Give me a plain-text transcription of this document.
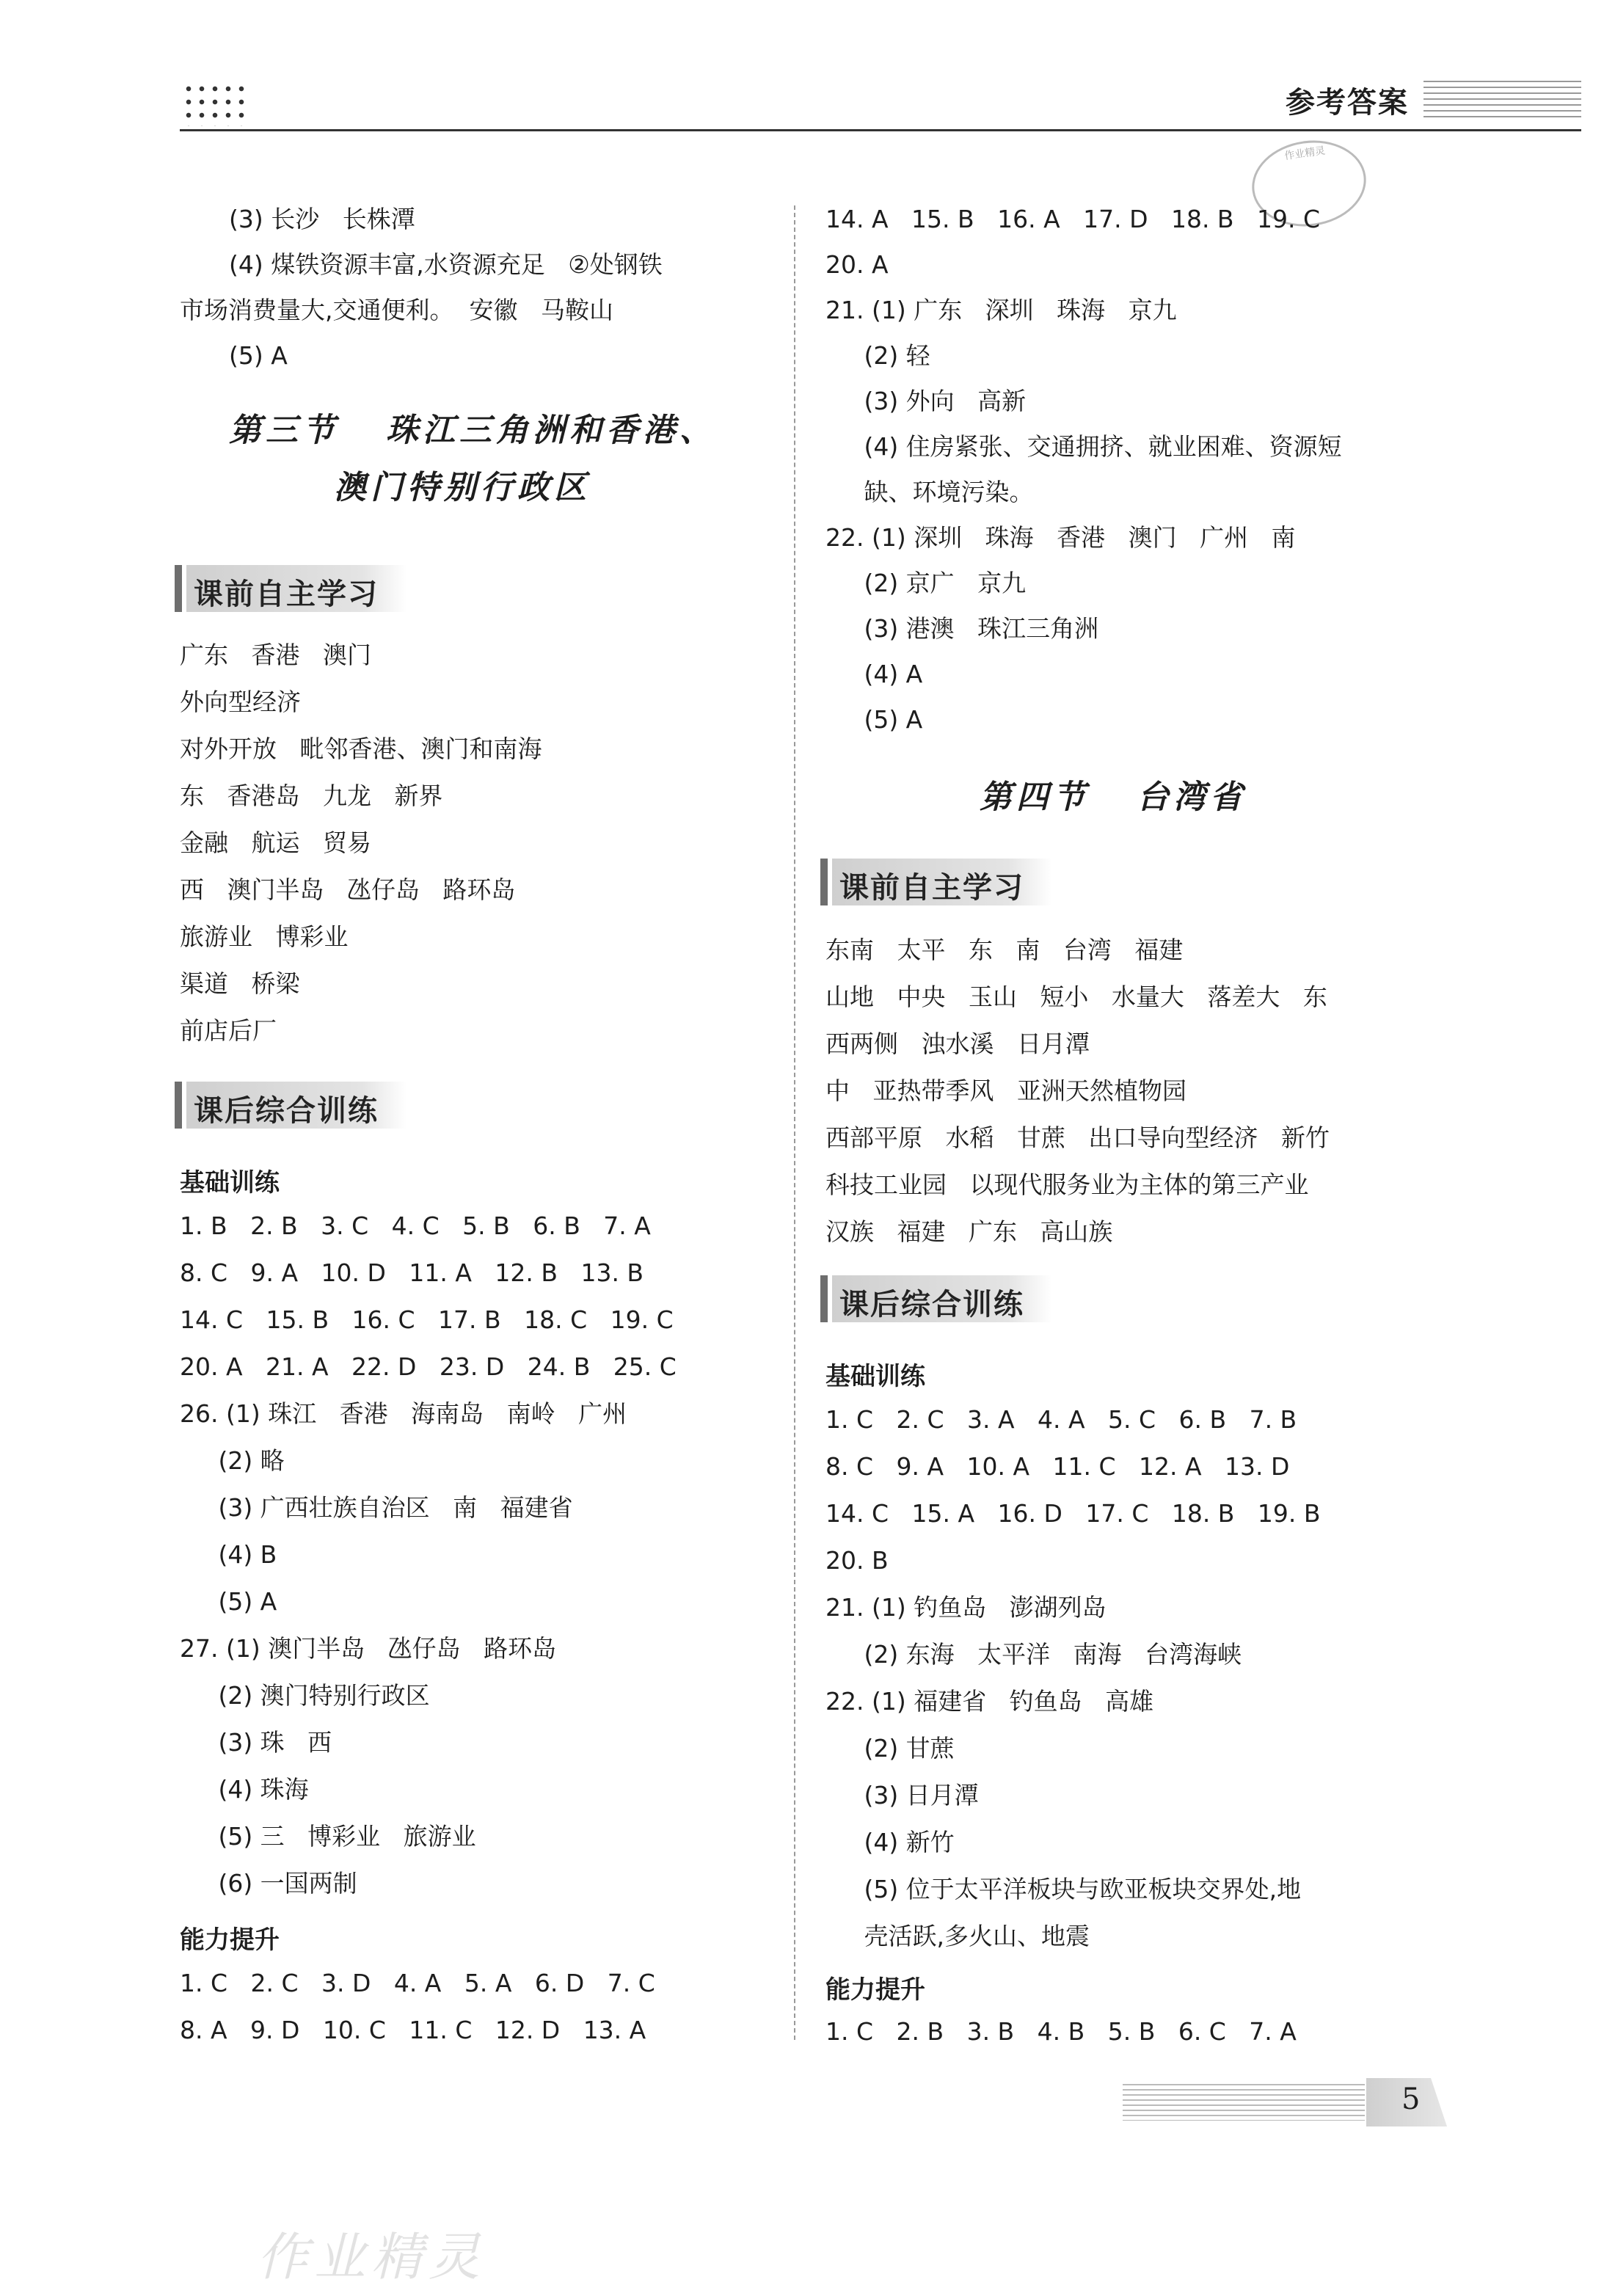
参考答案
作业精灵
(3) 长沙   长株潭
(4) 煤铁资源丰富,水资源充足   ②处钢铁
市场消费量大,交通便利。  安徽   马鞍山
(5) A
第三节   珠江三角洲和香港、
澳门特别行政区
课前自主学习
广东   香港   澳门
外向型经济
对外开放   毗邻香港、澳门和南海
东   香港岛   九龙   新界
金融   航运   贸易
西   澳门半岛   氹仔岛   路环岛
旅游业   博彩业
渠道   桥梁
前店后厂
课后综合训练
基础训练
1. B   2. B   3. C   4. C   5. B   6. B   7. A
8. C   9. A   10. D   11. A   12. B   13. B
14. C   15. B   16. C   17. B   18. C   19. C
20. A   21. A   22. D   23. D   24. B   25. C
26. (1) 珠江   香港   海南岛   南岭   广州
(2) 略
(3) 广西壮族自治区   南   福建省
(4) B
(5) A
27. (1) 澳门半岛   氹仔岛   路环岛
(2) 澳门特别行政区
(3) 珠   西
(4) 珠海
(5) 三   博彩业   旅游业
(6) 一国两制
能力提升
1. C   2. C   3. D   4. A   5. A   6. D   7. C
8. A   9. D   10. C   11. C   12. D   13. A
14. A   15. B   16. A   17. D   18. B   19. C
20. A
21. (1) 广东   深圳   珠海   京九
(2) 轻
(3) 外向   高新
(4) 住房紧张、交通拥挤、就业困难、资源短
缺、环境污染。
22. (1) 深圳   珠海   香港   澳门   广州   南
(2) 京广   京九
(3) 港澳   珠江三角洲
(4) A
(5) A
第四节   台湾省
课前自主学习
东南   太平   东   南   台湾   福建
山地   中央   玉山   短小   水量大   落差大   东
西两侧   浊水溪   日月潭
中   亚热带季风   亚洲天然植物园
西部平原   水稻   甘蔗   出口导向型经济   新竹
科技工业园   以现代服务业为主体的第三产业
汉族   福建   广东   高山族
课后综合训练
基础训练
1. C   2. C   3. A   4. A   5. C   6. B   7. B
8. C   9. A   10. A   11. C   12. A   13. D
14. C   15. A   16. D   17. C   18. B   19. B
20. B
21. (1) 钓鱼岛   澎湖列岛
(2) 东海   太平洋   南海   台湾海峡
22. (1) 福建省   钓鱼岛   高雄
(2) 甘蔗
(3) 日月潭
(4) 新竹
(5) 位于太平洋板块与欧亚板块交界处,地
壳活跃,多火山、地震
能力提升
1. C   2. B   3. B   4. B   5. B   6. C   7. A
5
作业精灵
